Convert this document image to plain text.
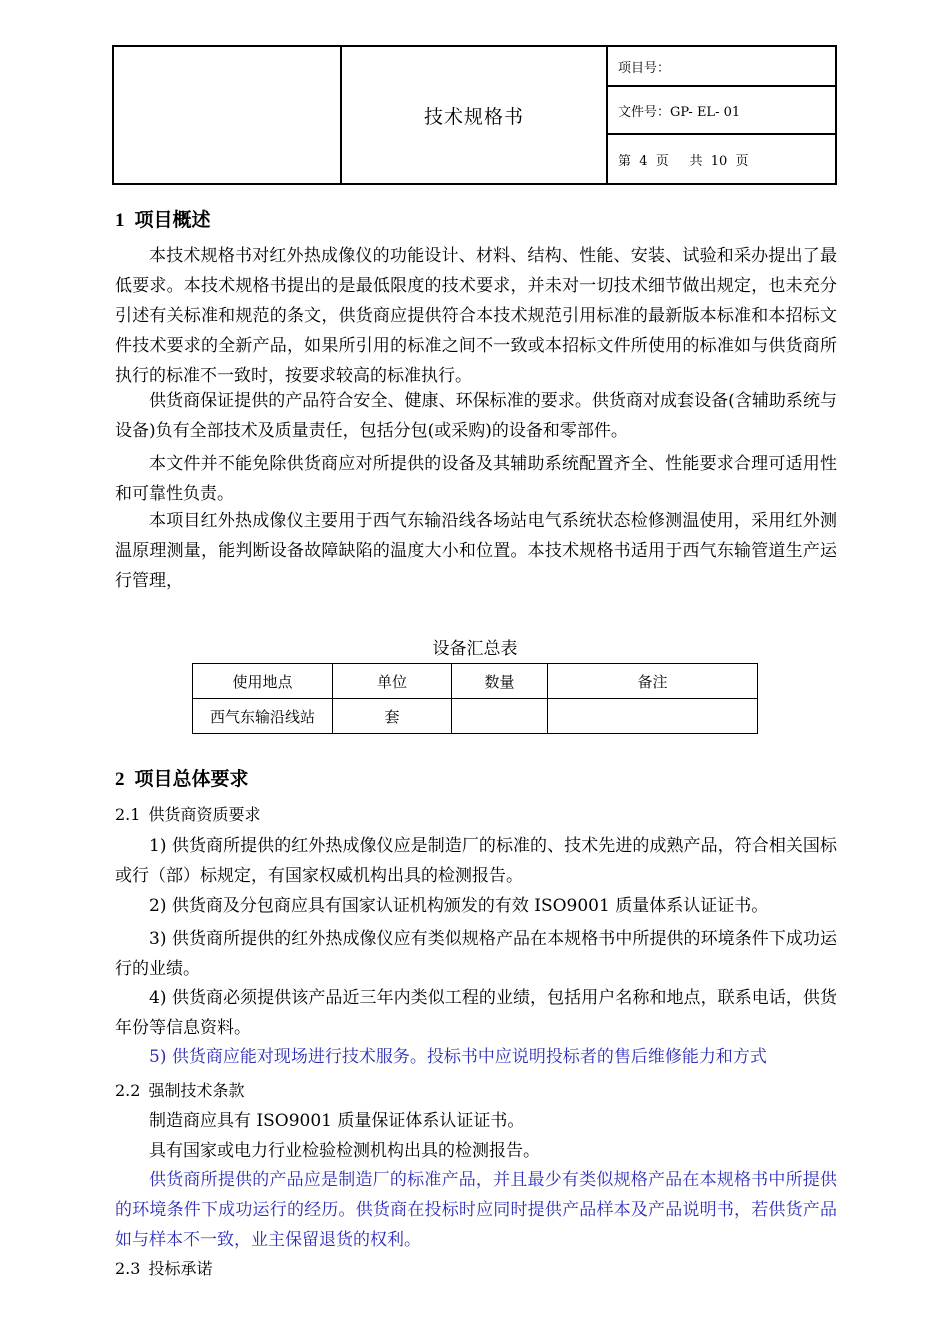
技术规格书
项目号：
文件号：GP- EL- 01
第  4  页     共  10  页
1 项目概述

本技术规格书对红外热成像仪的功能设计、材料、结构、性能、安装、试验和采办提出了最低要求。本技术规格书提出的是最低限度的技术要求，并未对一切技术细节做出规定，也未充分引述有关标准和规范的条文，供货商应提供符合本技术规范引用标准的最新版本标准和本招标文件技术要求的全新产品，如果所引用的标准之间不一致或本招标文件所使用的标准如与供货商所执行的标准不一致时，按要求较高的标准执行。

供货商保证提供的产品符合安全、健康、环保标准的要求。供货商对成套设备(含辅助系统与设备)负有全部技术及质量责任，包括分包(或采购)的设备和零部件。

本文件并不能免除供货商应对所提供的设备及其辅助系统配置齐全、性能要求合理可适用性和可靠性负责。

本项目红外热成像仪主要用于西气东输沿线各场站电气系统状态检修测温使用，采用红外测温原理测量，能判断设备故障缺陷的温度大小和位置。本技术规格书适用于西气东输管道生产运行管理，

设备汇总表
使用地点	单位	数量	备注
西气东输沿线站	套		
2 项目总体要求
2.1 供货商资质要求

1) 供货商所提供的红外热成像仪应是制造厂的标准的、技术先进的成熟产品，符合相关国标或行（部）标规定，有国家权威机构出具的检测报告。

2) 供货商及分包商应具有国家认证机构颁发的有效 ISO9001 质量体系认证证书。

3) 供货商所提供的红外热成像仪应有类似规格产品在本规格书中所提供的环境条件下成功运行的业绩。

4) 供货商必须提供该产品近三年内类似工程的业绩，包括用户名称和地点，联系电话，供货年份等信息资料。

5) 供货商应能对现场进行技术服务。投标书中应说明投标者的售后维修能力和方式

2.2 强制技术条款

制造商应具有 ISO9001 质量保证体系认证证书。

具有国家或电力行业检验检测机构出具的检测报告。

供货商所提供的产品应是制造厂的标准产品，并且最少有类似规格产品在本规格书中所提供的环境条件下成功运行的经历。供货商在投标时应同时提供产品样本及产品说明书，若供货产品如与样本不一致，业主保留退货的权利。

2.3 投标承诺
